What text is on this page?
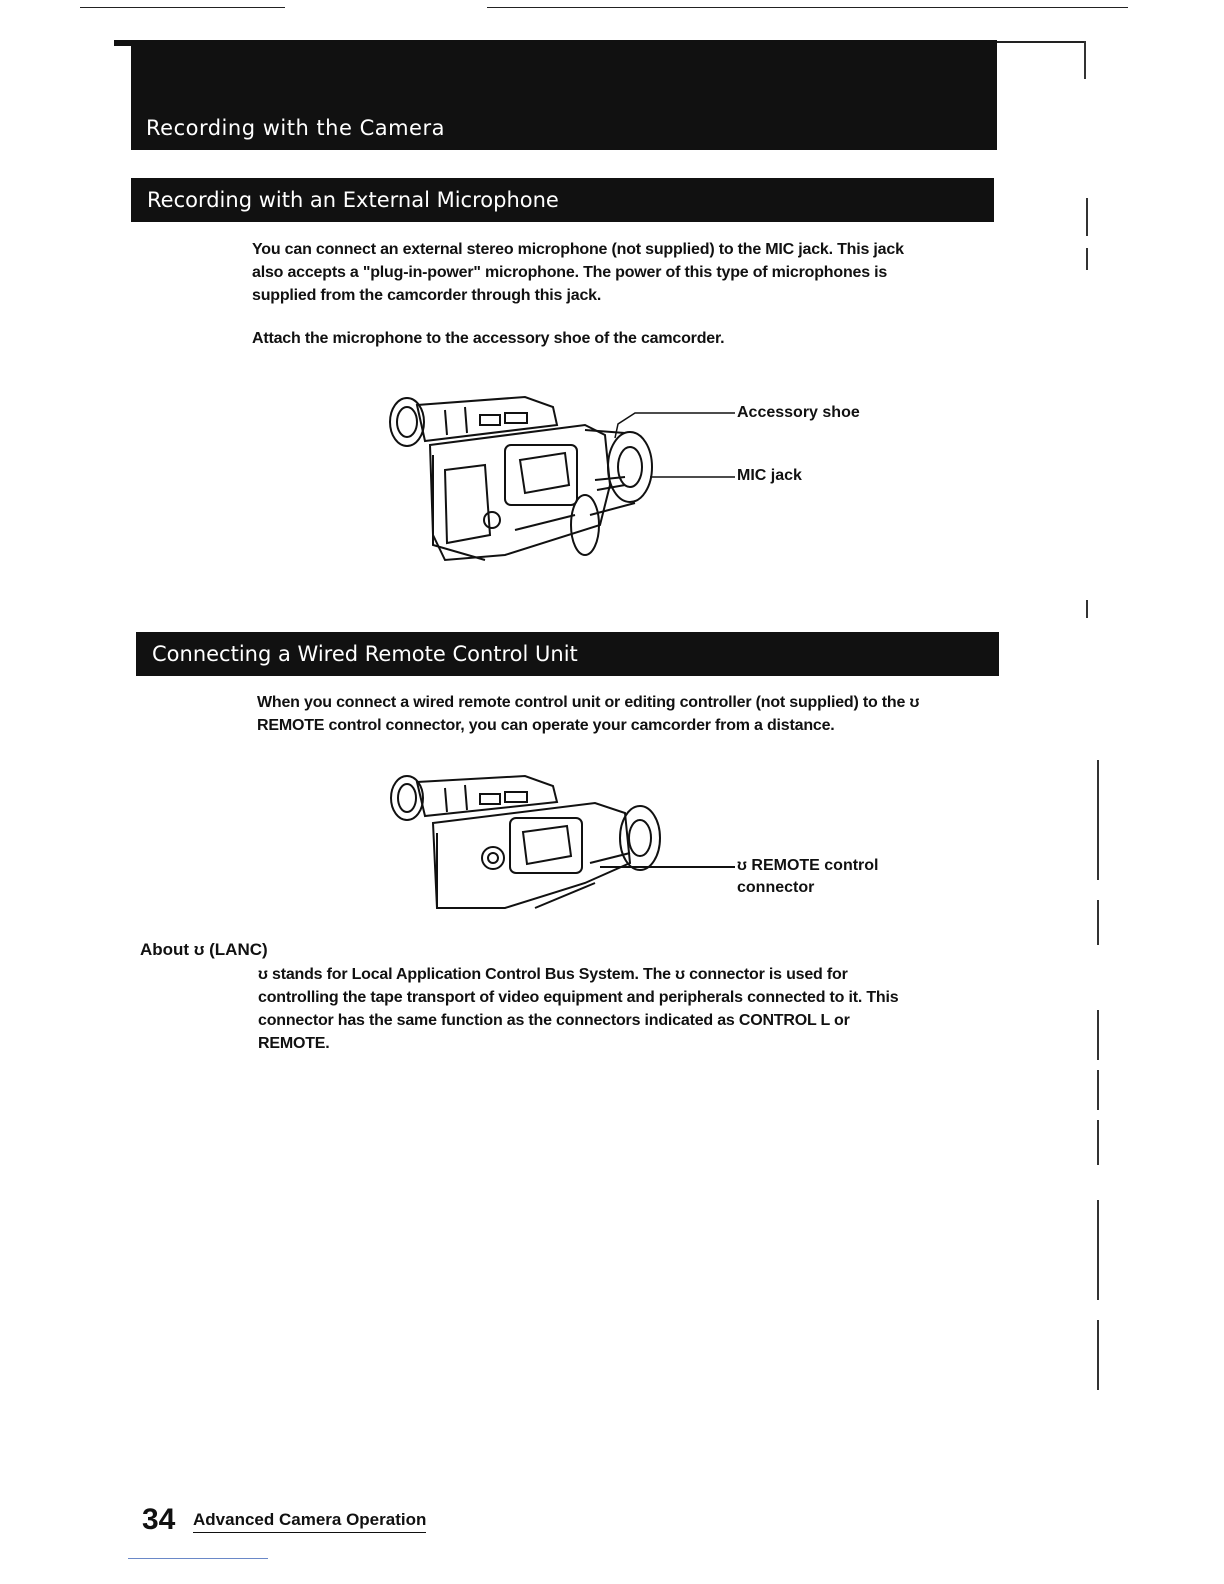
Recording with the Camera
Recording with an External Microphone
You can connect an external stereo microphone (not supplied) to the MIC jack. This jack
also accepts a "plug-in-power" microphone. The power of this type of microphones is
supplied from the camcorder through this jack.
Attach the microphone to the accessory shoe of the camcorder.
Accessory shoe
MIC jack
Connecting a Wired Remote Control Unit
When you connect a wired remote control unit or editing controller (not supplied) to the ʊ
REMOTE control connector, you can operate your camcorder from a distance.
ʊ REMOTE control
connector
About ʊ (LANC)
ʊ stands for Local Application Control Bus System. The ʊ connector is used for
controlling the tape transport of video equipment and peripherals connected to it. This
connector has the same function as the connectors indicated as CONTROL L or
REMOTE.
34 Advanced Camera Operation
